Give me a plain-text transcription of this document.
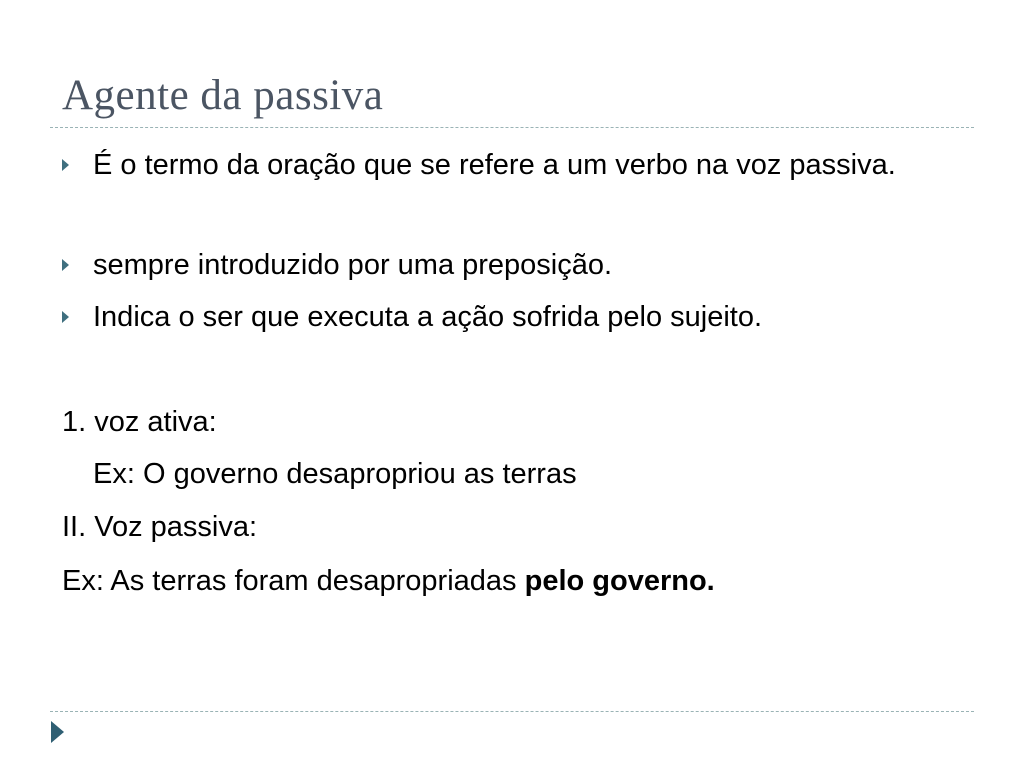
Agente da passiva
É o termo da oração que se refere a um verbo na voz passiva.
sempre introduzido por uma preposição.
Indica o ser que executa a ação sofrida pelo sujeito.
1. voz ativa:
Ex: O governo desapropriou as terras
II. Voz passiva:
Ex: As terras foram desapropriadas pelo governo.
